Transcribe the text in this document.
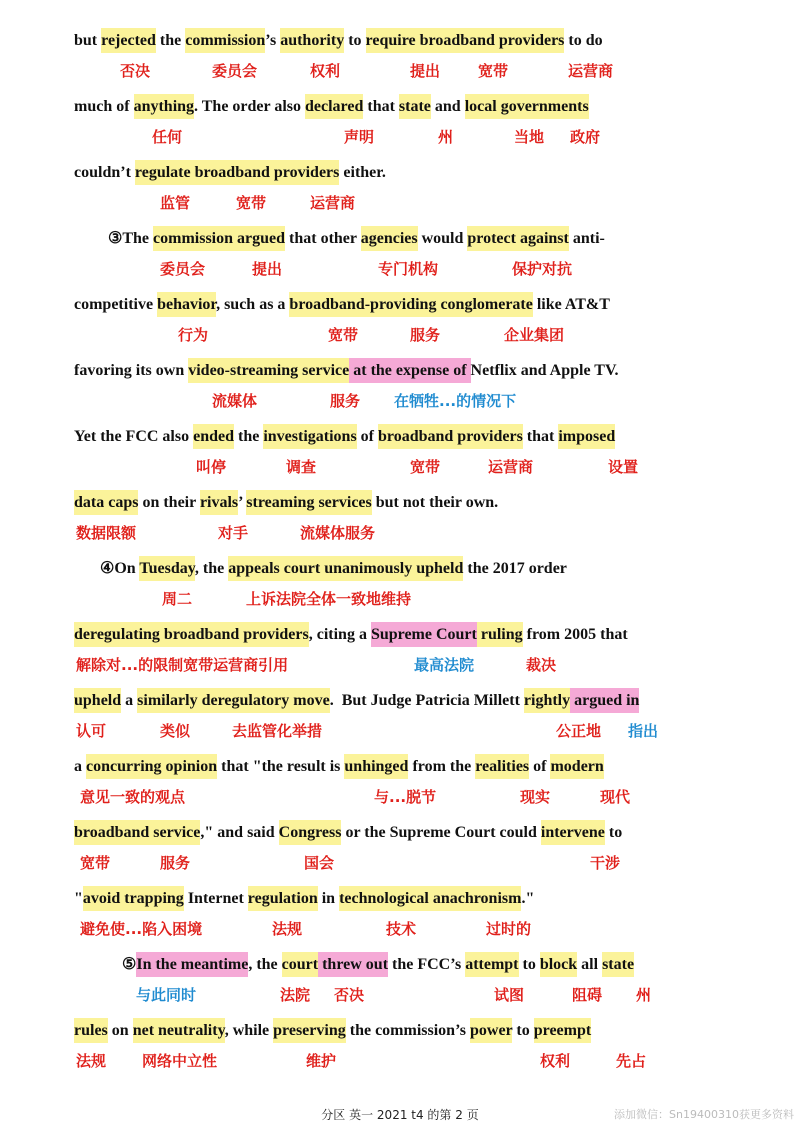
but rejected the commission’s authority to require broadband providers to do
否决	委员会	权利	提出	宽带	运营商
much of anything. The order also declared that state and local governments
任何	声明	州	当地 政府
couldn’t regulate broadband providers either.
监管	宽带	运营商
③The commission argued that other agencies would protect against anti-
委员会	提出	专门机构	保护对抗
competitive behavior, such as a broadband-providing conglomerate like AT&T
行为	宽带	服务	企业集团
favoring its own video-streaming service at the expense of Netflix and Apple TV.
流媒体	服务 在牺牲...的情况下
Yet the FCC also ended the investigations of broadband providers that imposed
叫停	调查	宽带	运营商	设置
data caps on their rivals’ streaming services but not their own.
数据限额	对手	流媒体服务
④On Tuesday, the appeals court unanimously upheld the 2017 order
周二	上诉法院全体一致地维持
deregulating broadband providers, citing a Supreme Court ruling from 2005 that
解除对...的限制宽带运营商引用	最高法院	裁决
upheld a similarly deregulatory move.  But Judge Patricia Millett rightly argued in
认可	类似	去监管化举措	公正地 指出
a concurring opinion that "the result is unhinged from the realities of modern
意见一致的观点	与...脱节	现实	现代
broadband service," and said Congress or the Supreme Court could intervene to
宽带	服务	国会	干涉
"avoid trapping Internet regulation in technological anachronism."
避免使...陷入困境	法规	技术	过时的
⑤In the meantime, the court threw out the FCC’s attempt to block all state
与此同时	法院 否决	试图	阻碍 州
rules on net neutrality, while preserving the commission’s power to preempt
法规 网络中立性	维护	权利	先占
分区 英一 2021 t4 的第 2 页	添加微信：Sn19400310获更多资料
